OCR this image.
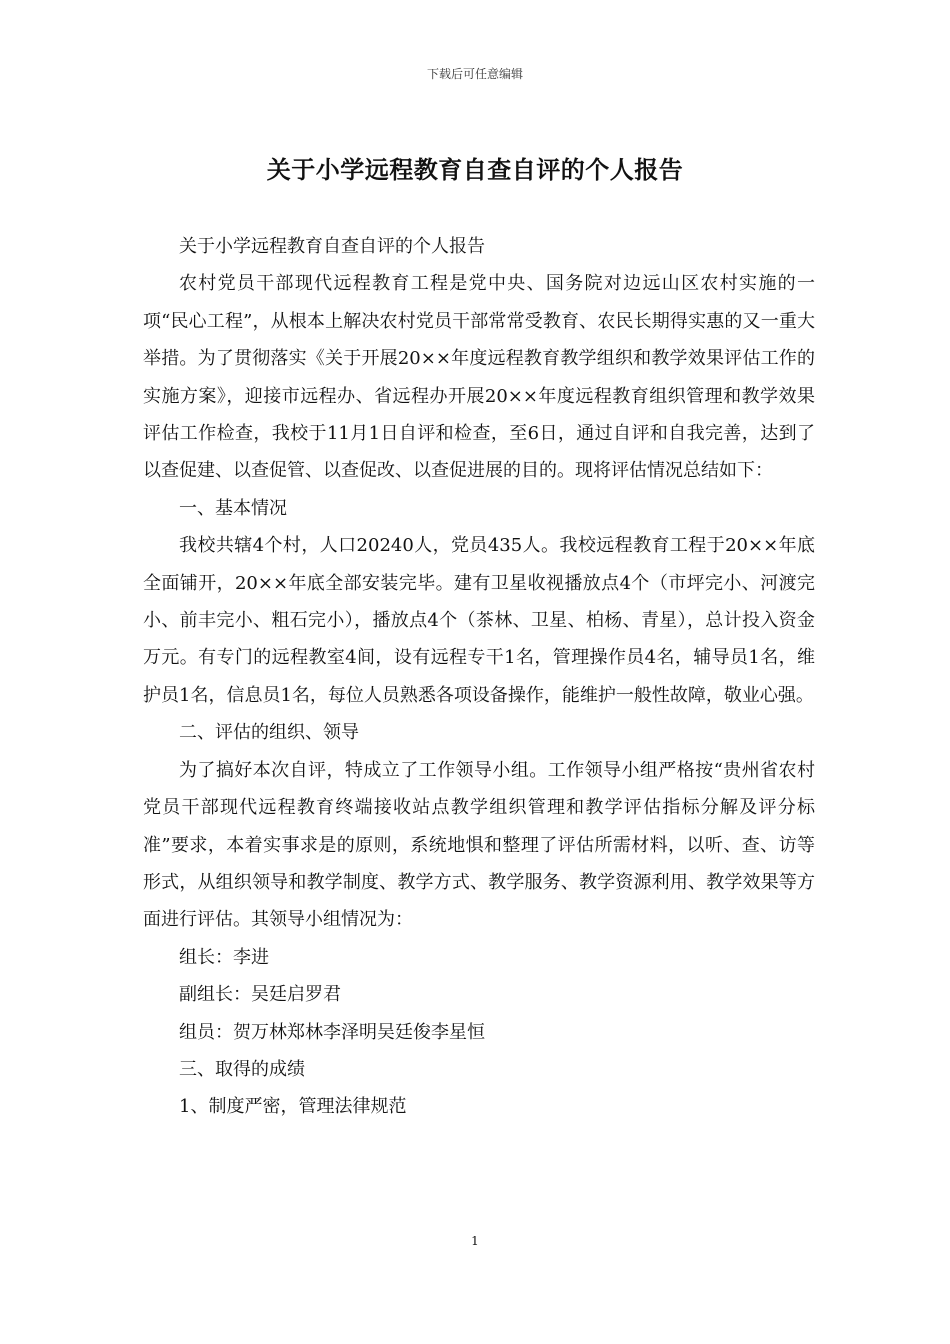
下载后可任意编辑
关于小学远程教育自查自评的个人报告

关于小学远程教育自查自评的个人报告

农村党员干部现代远程教育工程是党中央、国务院对边远山区农村实施的一项“民心工程”，从根本上解决农村党员干部常常受教育、农民长期得实惠的又一重大举措。为了贯彻落实《关于开展20××年度远程教育教学组织和教学效果评估工作的实施方案》，迎接市远程办、省远程办开展20××年度远程教育组织管理和教学效果评估工作检查，我校于11月1日自评和检查，至6日，通过自评和自我完善，达到了以查促建、以查促管、以查促改、以查促进展的目的。现将评估情况总结如下：

一、基本情况

我校共辖4个村，人口20240人，党员435人。我校远程教育工程于20××年底全面铺开，20××年底全部安装完毕。建有卫星收视播放点4个（市坪完小、河渡完小、前丰完小、粗石完小），播放点4个（茶林、卫星、柏杨、青星），总计投入资金万元。有专门的远程教室4间，设有远程专干1名，管理操作员4名，辅导员1名，维护员1名，信息员1名，每位人员熟悉各项设备操作，能维护一般性故障，敬业心强。

二、评估的组织、领导

为了搞好本次自评，特成立了工作领导小组。工作领导小组严格按“贵州省农村党员干部现代远程教育终端接收站点教学组织管理和教学评估指标分解及评分标准”要求，本着实事求是的原则，系统地惧和整理了评估所需材料，以听、查、访等形式，从组织领导和教学制度、教学方式、教学服务、教学资源利用、教学效果等方面进行评估。其领导小组情况为：

组长：李进

副组长：吴廷启罗君

组员：贺万林郑林李泽明吴廷俊李星恒

三、取得的成绩

1、制度严密，管理法律规范

1
